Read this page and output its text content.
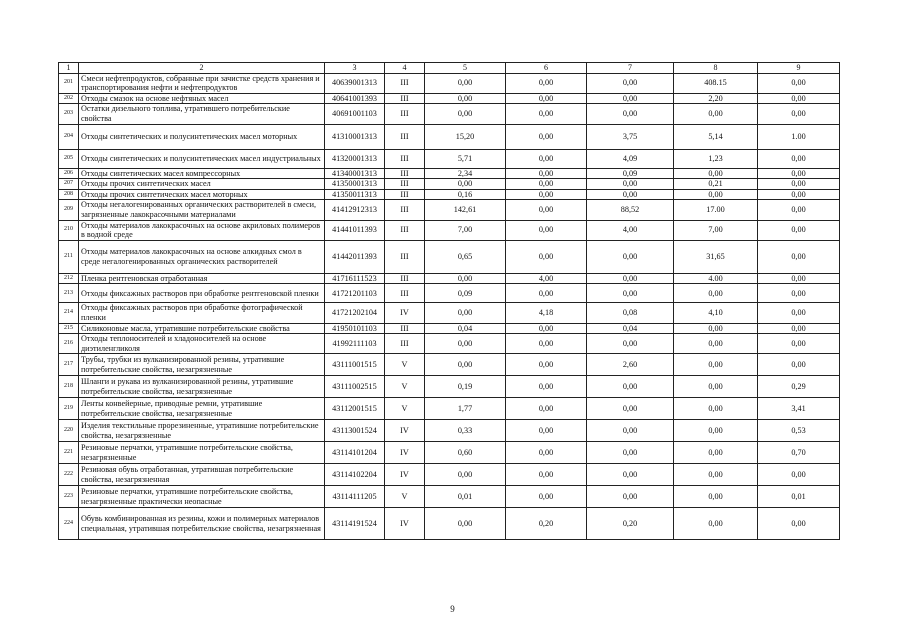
1	2	3	4	5	6	7	8	9
201	Смеси нефтепродуктов, собранные при зачистке средств хранения и транспортирования нефти и нефтепродуктов	40639001313	III	0,00	0,00	0,00	408.15	0,00
202	Отходы смазок на основе нефтяных масел	40641001393	III	0,00	0,00	0,00	2,20	0,00
203	Остатки дизельного топлива, утратившего потребительские свойства	40691001103	III	0,00	0,00	0,00	0,00	0,00
204	Отходы синтетических и полусинтетических масел моторных	41310001313	III	15,20	0,00	3,75	5,14	1.00
205	Отходы синтетических и полусинтетических масел индустриальных	41320001313	III	5,71	0,00	4,09	1,23	0,00
206	Отходы синтетических масел компрессорных	41340001313	III	2,34	0,00	0,09	0,00	0,00
207	Отходы прочих синтетических масел	41350001313	III	0,00	0,00	0,00	0,21	0,00
208	Отходы прочих синтетических масел моторных	41350011313	III	0,16	0,00	0,00	0,00	0,00
209	Отходы негалогенированных органических растворителей в смеси, загрязненные лакокрасочными материалами	41412912313	III	142,61	0,00	88,52	17.00	0,00
210	Отходы материалов лакокрасочных на основе акриловых полимеров в водной среде	41441011393	III	7,00	0,00	4,00	7,00	0,00
211	Отходы материалов лакокрасочных на основе алкидных смол в среде негалогенированных органических растворителей	41442011393	III	0,65	0,00	0,00	31,65	0,00
212	Пленка рентгеновская отработанная	41716111523	III	0,00	4,00	0,00	4.00	0,00
213	Отходы фиксажных растворов при обработке рентгеновской пленки	41721201103	III	0,09	0,00	0,00	0,00	0,00
214	Отходы фиксажных растворов при обработке фотографической пленки	41721202104	IV	0,00	4,18	0,08	4,10	0,00
215	Силиконовые масла, утратившие потребительские свойства	41950101103	III	0,04	0,00	0,04	0,00	0,00
216	Отходы теплоносителей и хладоносителей на основе диэтиленгликоля	41992111103	III	0,00	0,00	0,00	0,00	0,00
217	Трубы, трубки из вулканизированной резины, утратившие потребительские свойства, незагрязненные	43111001515	V	0,00	0,00	2,60	0,00	0,00
218	Шланги и рукава из вулканизированной резины, утратившие потребительские свойства, незагрязненные	43111002515	V	0,19	0,00	0,00	0,00	0,29
219	Ленты конвейерные, приводные ремни, утратившие потребительские свойства, незагрязненные	43112001515	V	1,77	0,00	0,00	0,00	3,41
220	Изделия текстильные прорезиненные, утратившие потребительские свойства, незагрязненные	43113001524	IV	0,33	0,00	0,00	0,00	0,53
221	Резиновые перчатки, утратившие потребительские свойства, незагрязненные	43114101204	IV	0,60	0,00	0,00	0,00	0,70
222	Резиновая обувь отработанная, утратившая потребительские свойства, незагрязненная	43114102204	IV	0,00	0,00	0,00	0,00	0,00
223	Резиновые перчатки, утратившие потребительские свойства, незагрязненные практически неопасные	43114111205	V	0,01	0,00	0,00	0,00	0,01
224	Обувь комбинированная из резины, кожи и полимерных материалов специальная, утратившая потребительские свойства, незагрязненная	43114191524	IV	0,00	0,20	0,20	0,00	0,00
9
